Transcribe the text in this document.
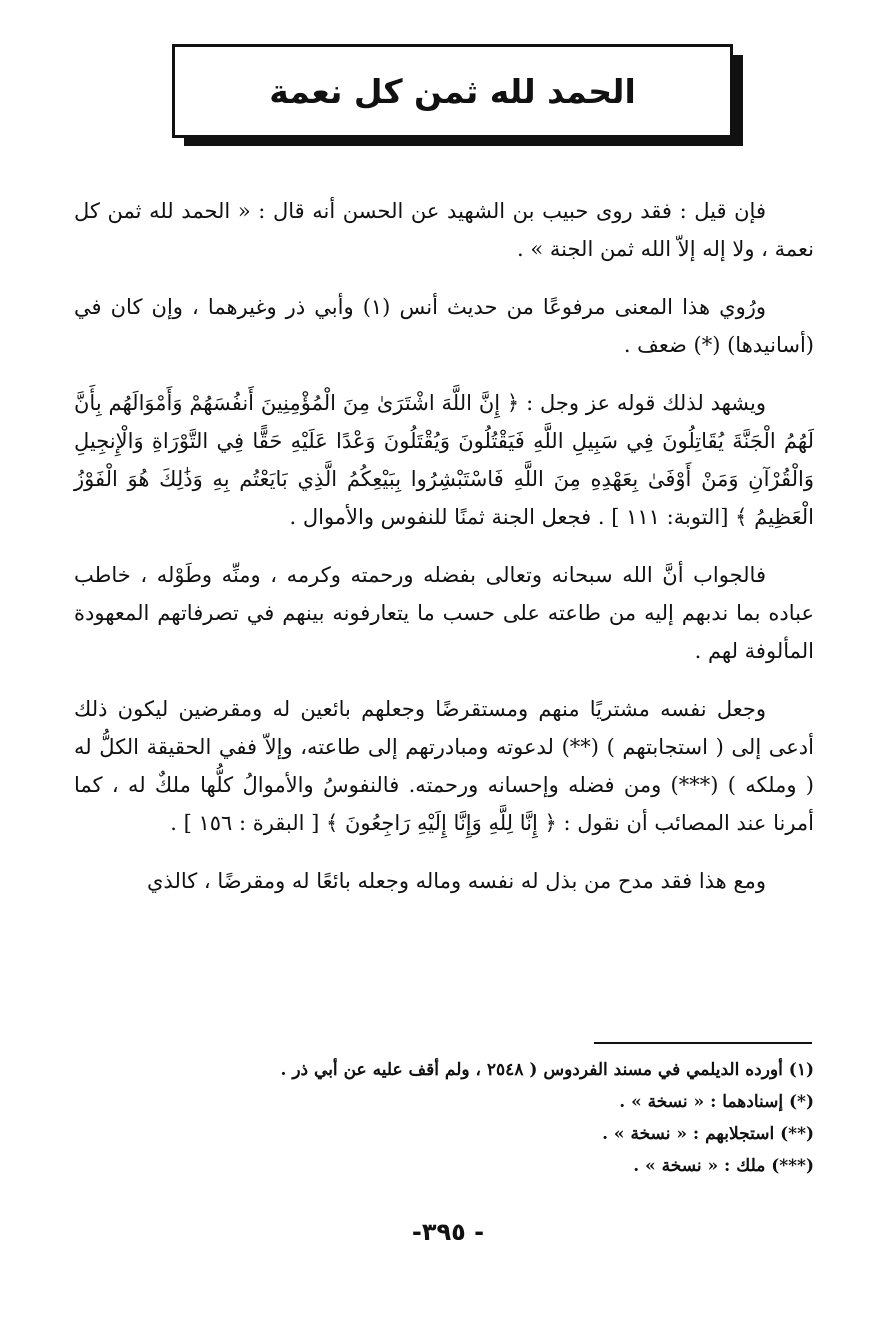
الحمد لله ثمن كل نعمة

فإن قيل : فقد روى حبيب بن الشهيد عن الحسن أنه قال : « الحمد لله ثمن كل نعمة ، ولا إله إلاّ الله ثمن الجنة » .

ورُوي هذا المعنى مرفوعًا من حديث أنس (١) وأبي ذر وغيرهما ، وإن كان في (أسانيدها) (*) ضعف .

ويشهد لذلك قوله عز وجل : ﴿ إِنَّ اللَّهَ اشْتَرَىٰ مِنَ الْمُؤْمِنِينَ أَنفُسَهُمْ وَأَمْوَالَهُم بِأَنَّ لَهُمُ الْجَنَّةَ يُقَاتِلُونَ فِي سَبِيلِ اللَّهِ فَيَقْتُلُونَ وَيُقْتَلُونَ وَعْدًا عَلَيْهِ حَقًّا فِي التَّوْرَاةِ وَالْإِنجِيلِ وَالْقُرْآنِ وَمَنْ أَوْفَىٰ بِعَهْدِهِ مِنَ اللَّهِ فَاسْتَبْشِرُوا بِبَيْعِكُمُ الَّذِي بَايَعْتُم بِهِ وَذَٰلِكَ هُوَ الْفَوْزُ الْعَظِيمُ ﴾ [التوبة: ١١١ ] . فجعل الجنة ثمنًا للنفوس والأموال .

فالجواب أنَّ الله سبحانه وتعالى بفضله ورحمته وكرمه ، ومنِّه وطَوْله ، خاطب عباده بما ندبهم إليه من طاعته على حسب ما يتعارفونه بينهم في تصرفاتهم المعهودة المألوفة لهم .

وجعل نفسه مشتريًا منهم ومستقرضًا وجعلهم بائعين له ومقرضين ليكون ذلك أدعى إلى ( استجابتهم ) (**) لدعوته ومبادرتهم إلى طاعته، وإلاّ ففي الحقيقة الكلُّ له ( وملكه ) (***) ومن فضله وإحسانه ورحمته. فالنفوسُ والأموالُ كلُّها ملكٌ له ، كما أمرنا عند المصائب أن نقول : ﴿ إِنَّا لِلَّهِ وَإِنَّا إِلَيْهِ رَاجِعُونَ ﴾ [ البقرة : ١٥٦ ] .

ومع هذا فقد مدح من بذل له نفسه وماله وجعله بائعًا له ومقرضًا ، كالذي

(١) أورده الديلمي في مسند الفردوس ( ٢٥٤٨ ، ولم أقف عليه عن أبي ذر .

(*) إسنادهما : « نسخة » .

(**) استجلابهم : « نسخة » .

(***) ملك : « نسخة » .

- ٣٩٥-
